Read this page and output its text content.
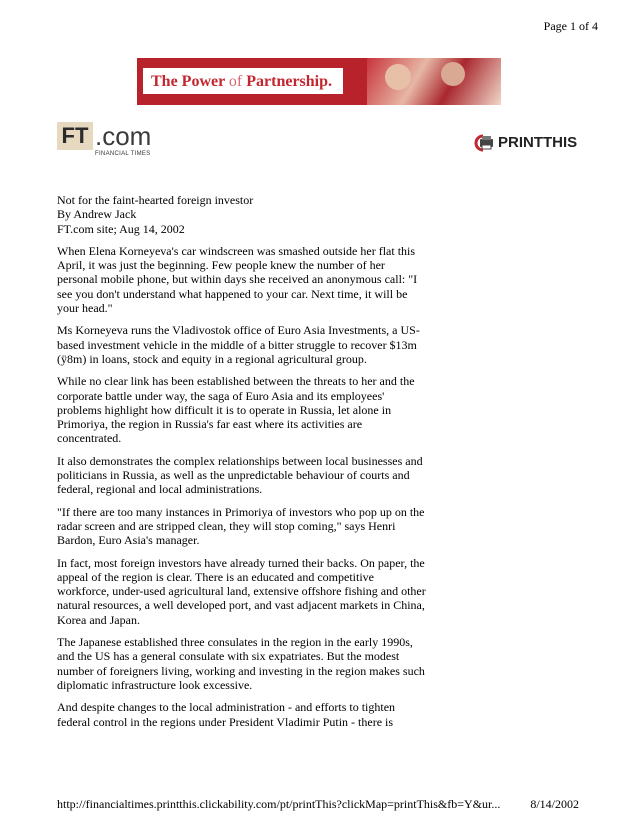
Page 1 of 4
The Power of Partnership.
FT .com
FINANCIAL TIMES
PRINTTHIS
Not for the faint-hearted foreign investor
By Andrew Jack
FT.com site; Aug 14, 2002

When Elena Korneyeva's car windscreen was smashed outside her flat this April, it was just the beginning. Few people knew the number of her personal mobile phone, but within days she received an anonymous call: "I see you don't understand what happened to your car. Next time, it will be your head."

Ms Korneyeva runs the Vladivostok office of Euro Asia Investments, a US-based investment vehicle in the middle of a bitter struggle to recover $13m (ÿ8m) in loans, stock and equity in a regional agricultural group.

While no clear link has been established between the threats to her and the corporate battle under way, the saga of Euro Asia and its employees' problems highlight how difficult it is to operate in Russia, let alone in Primoriya, the region in Russia's far east where its activities are concentrated.

It also demonstrates the complex relationships between local businesses and politicians in Russia, as well as the unpredictable behaviour of courts and federal, regional and local administrations.

"If there are too many instances in Primoriya of investors who pop up on the radar screen and are stripped clean, they will stop coming," says Henri Bardon, Euro Asia's manager.

In fact, most foreign investors have already turned their backs. On paper, the appeal of the region is clear. There is an educated and competitive workforce, under-used agricultural land, extensive offshore fishing and other natural resources, a well developed port, and vast adjacent markets in China, Korea and Japan.

The Japanese established three consulates in the region in the early 1990s, and the US has a general consulate with six expatriates. But the modest number of foreigners living, working and investing in the region makes such diplomatic infrastructure look excessive.

And despite changes to the local administration - and efforts to tighten federal control in the regions under President Vladimir Putin - there is

http://financialtimes.printthis.clickability.com/pt/printThis?clickMap=printThis&fb=Y&ur... 8/14/2002
